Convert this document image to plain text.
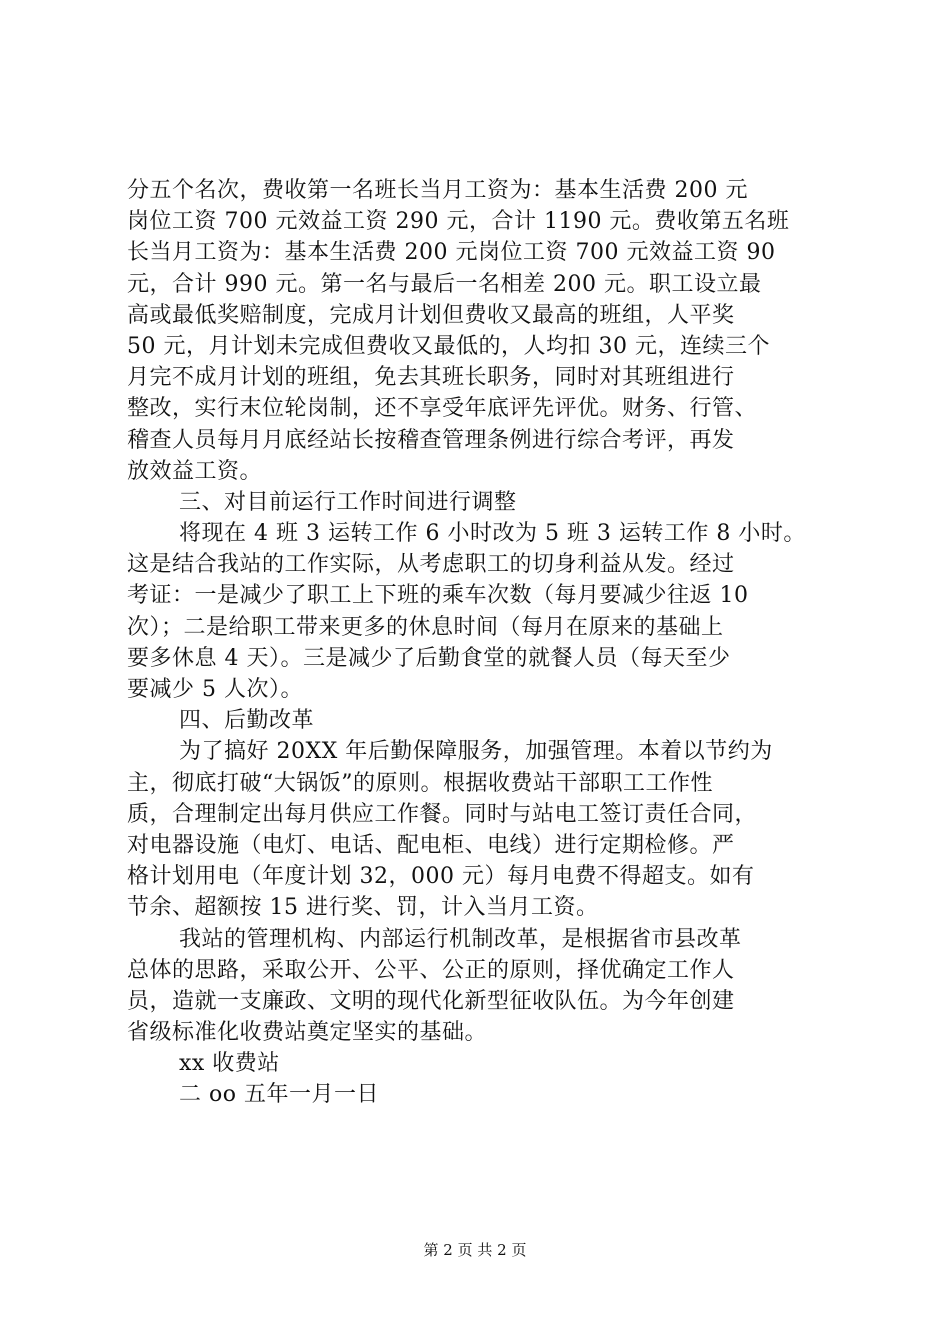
分五个名次，费收第一名班长当月工资为：基本生活费 200 元
岗位工资 700 元效益工资 290 元，合计 1190 元。费收第五名班
长当月工资为：基本生活费 200 元岗位工资 700 元效益工资 90
元，合计 990 元。第一名与最后一名相差 200 元。职工设立最
高或最低奖赔制度，完成月计划但费收又最高的班组，人平奖
50 元，月计划未完成但费收又最低的，人均扣 30 元，连续三个
月完不成月计划的班组，免去其班长职务，同时对其班组进行
整改，实行末位轮岗制，还不享受年底评先评优。财务、行管、
稽查人员每月月底经站长按稽查管理条例进行综合考评，再发
放效益工资。
三、对目前运行工作时间进行调整
将现在 4 班 3 运转工作 6 小时改为 5 班 3 运转工作 8 小时。
这是结合我站的工作实际，从考虑职工的切身利益从发。经过
考证：一是减少了职工上下班的乘车次数（每月要减少往返 10
次）；二是给职工带来更多的休息时间（每月在原来的基础上
要多休息 4 天）。三是减少了后勤食堂的就餐人员（每天至少
要减少 5 人次）。
四、后勤改革
为了搞好 20XX 年后勤保障服务，加强管理。本着以节约为
主，彻底打破“大锅饭”的原则。根据收费站干部职工工作性
质，合理制定出每月供应工作餐。同时与站电工签订责任合同，
对电器设施（电灯、电话、配电柜、电线）进行定期检修。严
格计划用电（年度计划 32，000 元）每月电费不得超支。如有
节余、超额按 15 进行奖、罚，计入当月工资。
我站的管理机构、内部运行机制改革，是根据省市县改革
总体的思路，采取公开、公平、公正的原则，择优确定工作人
员，造就一支廉政、文明的现代化新型征收队伍。为今年创建
省级标准化收费站奠定坚实的基础。
xx 收费站
二 oo 五年一月一日
第 2 页 共 2 页
